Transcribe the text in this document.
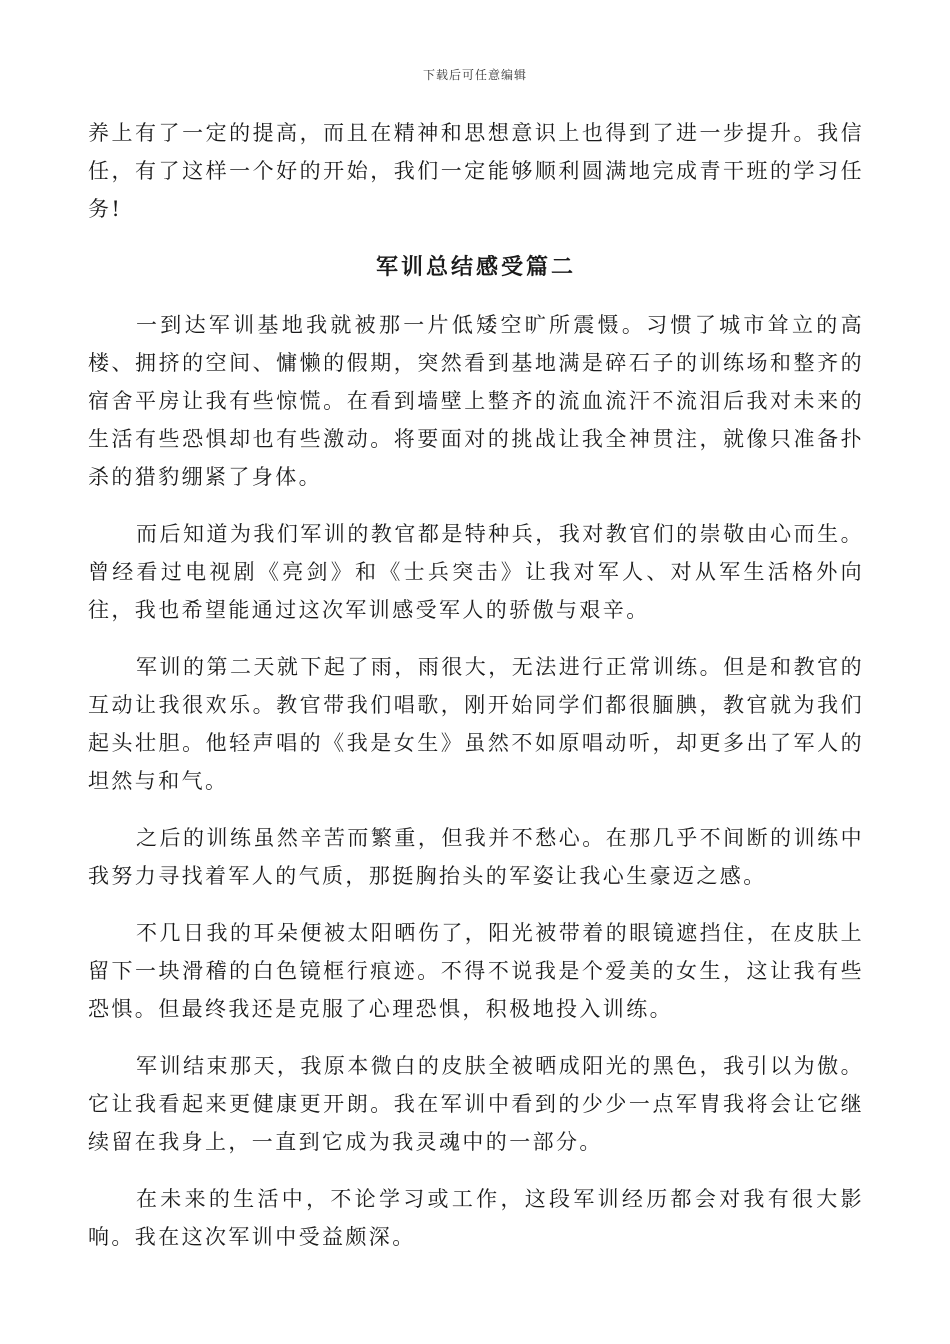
下载后可任意编辑

养上有了一定的提高，而且在精神和思想意识上也得到了进一步提升。我信任，有了这样一个好的开始，我们一定能够顺利圆满地完成青干班的学习任务!

军训总结感受篇二

一到达军训基地我就被那一片低矮空旷所震慑。习惯了城市耸立的高楼、拥挤的空间、慵懒的假期，突然看到基地满是碎石子的训练场和整齐的宿舍平房让我有些惊慌。在看到墙壁上整齐的流血流汗不流泪后我对未来的生活有些恐惧却也有些激动。将要面对的挑战让我全神贯注，就像只准备扑杀的猎豹绷紧了身体。

而后知道为我们军训的教官都是特种兵，我对教官们的崇敬由心而生。曾经看过电视剧《亮剑》和《士兵突击》让我对军人、对从军生活格外向往，我也希望能通过这次军训感受军人的骄傲与艰辛。

军训的第二天就下起了雨，雨很大，无法进行正常训练。但是和教官的互动让我很欢乐。教官带我们唱歌，刚开始同学们都很腼腆，教官就为我们起头壮胆。他轻声唱的《我是女生》虽然不如原唱动听，却更多出了军人的坦然与和气。

之后的训练虽然辛苦而繁重，但我并不愁心。在那几乎不间断的训练中我努力寻找着军人的气质，那挺胸抬头的军姿让我心生豪迈之感。

不几日我的耳朵便被太阳晒伤了，阳光被带着的眼镜遮挡住，在皮肤上留下一块滑稽的白色镜框行痕迹。不得不说我是个爱美的女生，这让我有些恐惧。但最终我还是克服了心理恐惧，积极地投入训练。

军训结束那天，我原本微白的皮肤全被晒成阳光的黑色，我引以为傲。它让我看起来更健康更开朗。我在军训中看到的少少一点军胄我将会让它继续留在我身上，一直到它成为我灵魂中的一部分。

在未来的生活中，不论学习或工作，这段军训经历都会对我有很大影响。我在这次军训中受益颇深。
